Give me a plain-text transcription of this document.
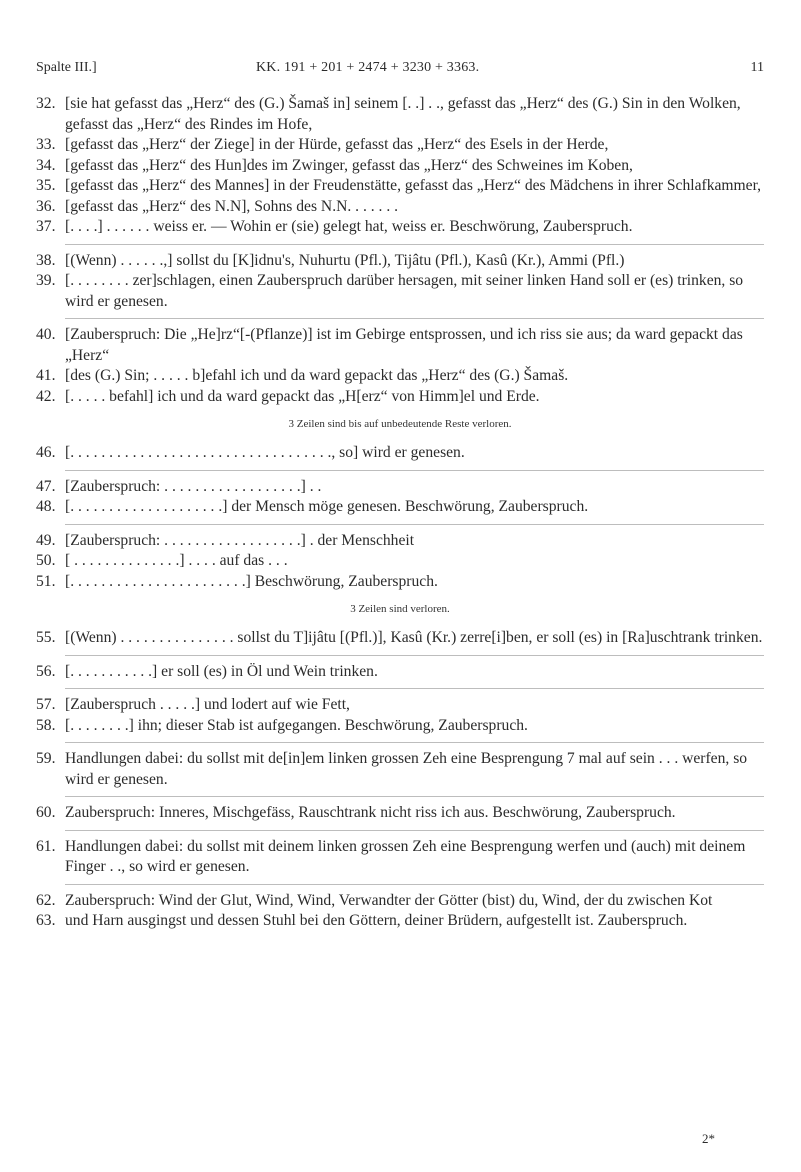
Spalte III.]	KK. 191 + 201 + 2474 + 3230 + 3363.	11

32. [sie hat gefasst das „Herz“ des (G.) Šamaš in] seinem [. .] . ., gefasst das „Herz“ des (G.) Sin in den Wolken, gefasst das „Herz“ des Rindes im Hofe,

33. [gefasst das „Herz“ der Ziege] in der Hürde, gefasst das „Herz“ des Esels in der Herde,

34. [gefasst das „Herz“ des Hun]des im Zwinger, gefasst das „Herz“ des Schweines im Koben,

35. [gefasst das „Herz“ des Mannes] in der Freudenstätte, gefasst das „Herz“ des Mädchens in ihrer Schlafkammer,

36. [gefasst das „Herz“ des N.N], Sohns des N.N. . . . . . .

37. [. . . .] . . . . . . weiss er. — Wohin er (sie) gelegt hat, weiss er. Beschwörung, Zauberspruch.

38. [(Wenn) . . . . . .,] sollst du [K]idnu's, Nuhurtu (Pfl.), Tijâtu (Pfl.), Kasû (Kr.), Ammi (Pfl.)

39. [. . . . . . . . zer]schlagen, einen Zauberspruch darüber hersagen, mit seiner linken Hand soll er (es) trinken, so wird er genesen.

40. [Zauberspruch: Die „He]rz“[-(Pflanze)] ist im Gebirge entsprossen, und ich riss sie aus; da ward gepackt das „Herz“

41. [des (G.) Sin; . . . . . b]efahl ich und da ward gepackt das „Herz“ des (G.) Šamaš.

42. [. . . . . befahl] ich und da ward gepackt das „H[erz“ von Himm]el und Erde.

3 Zeilen sind bis auf unbedeutende Reste verloren.

46. [. . . . . . . . . . . . . . . . . . . . . . . . . . . . . . . . . ., so] wird er genesen.

47. [Zauberspruch: . . . . . . . . . . . . . . . . . .] . .

48. [. . . . . . . . . . . . . . . . . . . .] der Mensch möge genesen. Beschwörung, Zauberspruch.

49. [Zauberspruch: . . . . . . . . . . . . . . . . . .] . der Menschheit

50. [ . . . . . . . . . . . . . .] . . . . auf das . . .

51. [. . . . . . . . . . . . . . . . . . . . . . .] Beschwörung, Zauberspruch.

3 Zeilen sind verloren.

55. [(Wenn) . . . . . . . . . . . . . . . sollst du T]ijâtu [(Pfl.)], Kasû (Kr.) zerre[i]ben, er soll (es) in [Ra]uschtrank trinken.

56. [. . . . . . . . . . .] er soll (es) in Öl und Wein trinken.

57. [Zauberspruch . . . . .] und lodert auf wie Fett,

58. [. . . . . . . .] ihn; dieser Stab ist aufgegangen. Beschwörung, Zauberspruch.

59. Handlungen dabei: du sollst mit de[in]em linken grossen Zeh eine Besprengung 7 mal auf sein . . . werfen, so wird er genesen.

60. Zauberspruch: Inneres, Mischgefäss, Rauschtrank nicht riss ich aus. Beschwörung, Zauberspruch.

61. Handlungen dabei: du sollst mit deinem linken grossen Zeh eine Besprengung werfen und (auch) mit deinem Finger . ., so wird er genesen.

62. Zauberspruch: Wind der Glut, Wind, Wind, Verwandter der Götter (bist) du, Wind, der du zwischen Kot

63. und Harn ausgingst und dessen Stuhl bei den Göttern, deiner Brüdern, aufgestellt ist. Zauberspruch.

2*
